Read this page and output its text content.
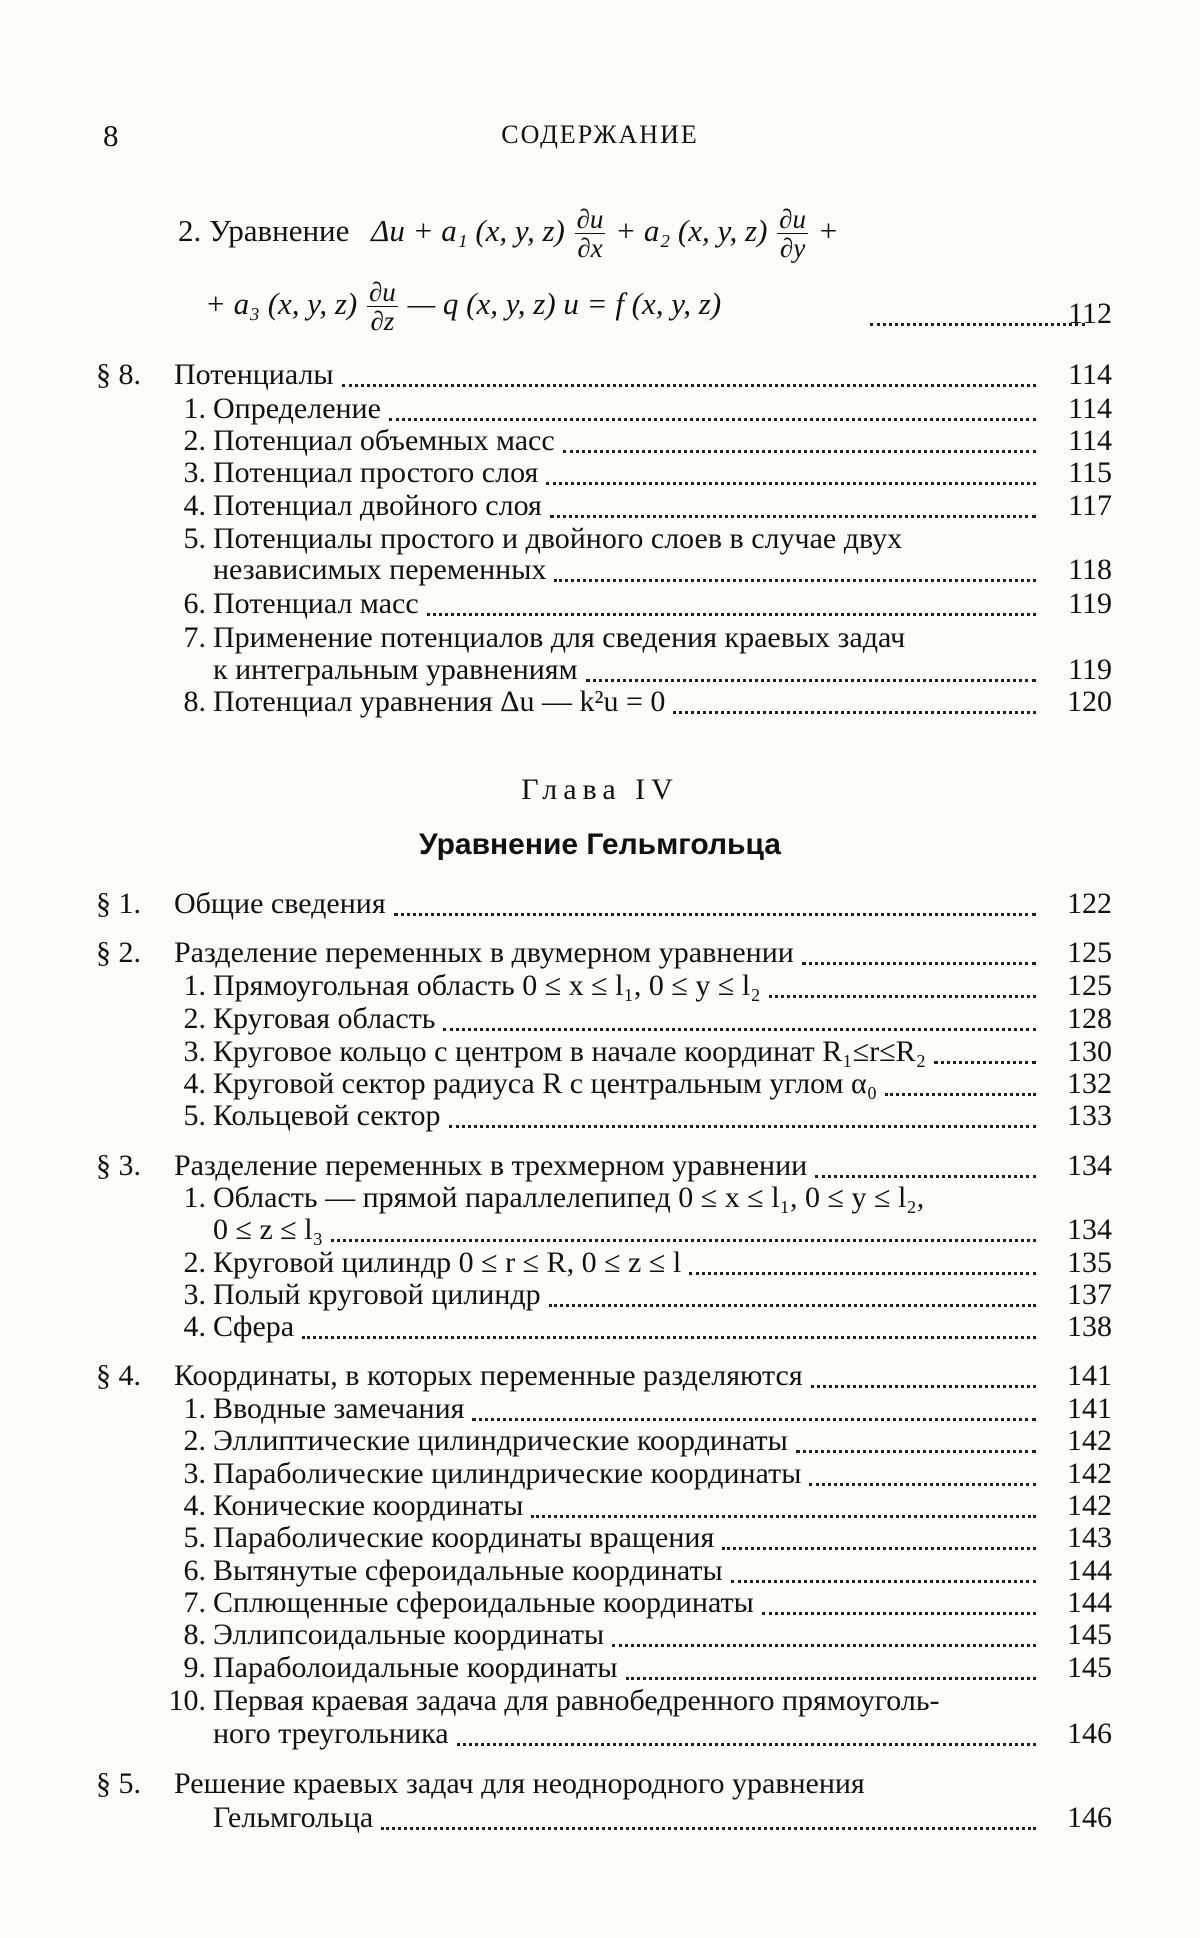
8	СОДЕРЖАНИЕ
2. Уравнение Δu + a₁ (x, y, $z) \frac{\partial u}{\partial x} + a_2$ (x, y, $z) \frac{\partial u}{\partial y}$ +
+ a₃ (x, y, $z) \frac{\partial u}{\partial z}$ — q (x, y, z) u = f (x, y, z)	112
§ 8.	Потенциалы	114
1. Определение	114
2. Потенциал объемных масс	114
3. Потенциал простого слоя	115
4. Потенциал двойного слоя	117
5. Потенциалы простого и двойного слоев в случае двух
независимых переменных	118
6. Потенциал масс	119
7. Применение потенциалов для сведения краевых задач
к интегральным уравнениям	119
8. Потенциал уравнения Δu — k²u = 0	120
Глава IV
Уравнение Гельмгольца
§ 1.	Общие сведения	122
§ 2.	Разделение переменных в двумерном уравнении	125
1. Прямоугольная область 0 ≤ x ≤ l₁, 0 ≤ y ≤ l₂	125
2. Круговая область	128
3. Круговое кольцо с центром в начале координат R₁≤r≤R₂	130
4. Круговой сектор радиуса R с центральным углом α₀	132
5. Кольцевой сектор	133
§ 3.	Разделение переменных в трехмерном уравнении	134
1. Область — прямой параллелепипед 0 ≤ x ≤ l₁, 0 ≤ y ≤ l₂,
0 ≤ z ≤ l₃	134
2. Круговой цилиндр 0 ≤ r ≤ R, 0 ≤ z ≤ l	135
3. Полый круговой цилиндр	137
4. Сфера	138
§ 4.	Координаты, в которых переменные разделяются	141
1. Вводные замечания	141
2. Эллиптические цилиндрические координаты	142
3. Параболические цилиндрические координаты	142
4. Конические координаты	142
5. Параболические координаты вращения	143
6. Вытянутые сфероидальные координаты	144
7. Сплющенные сфероидальные координаты	144
8. Эллипсоидальные координаты	145
9. Параболоидальные координаты	145
10. Первая краевая задача для равнобедренного прямоуголь-
ного треугольника	146
§ 5.	Решение краевых задач для неоднородного уравнения
Гельмгольца	146
